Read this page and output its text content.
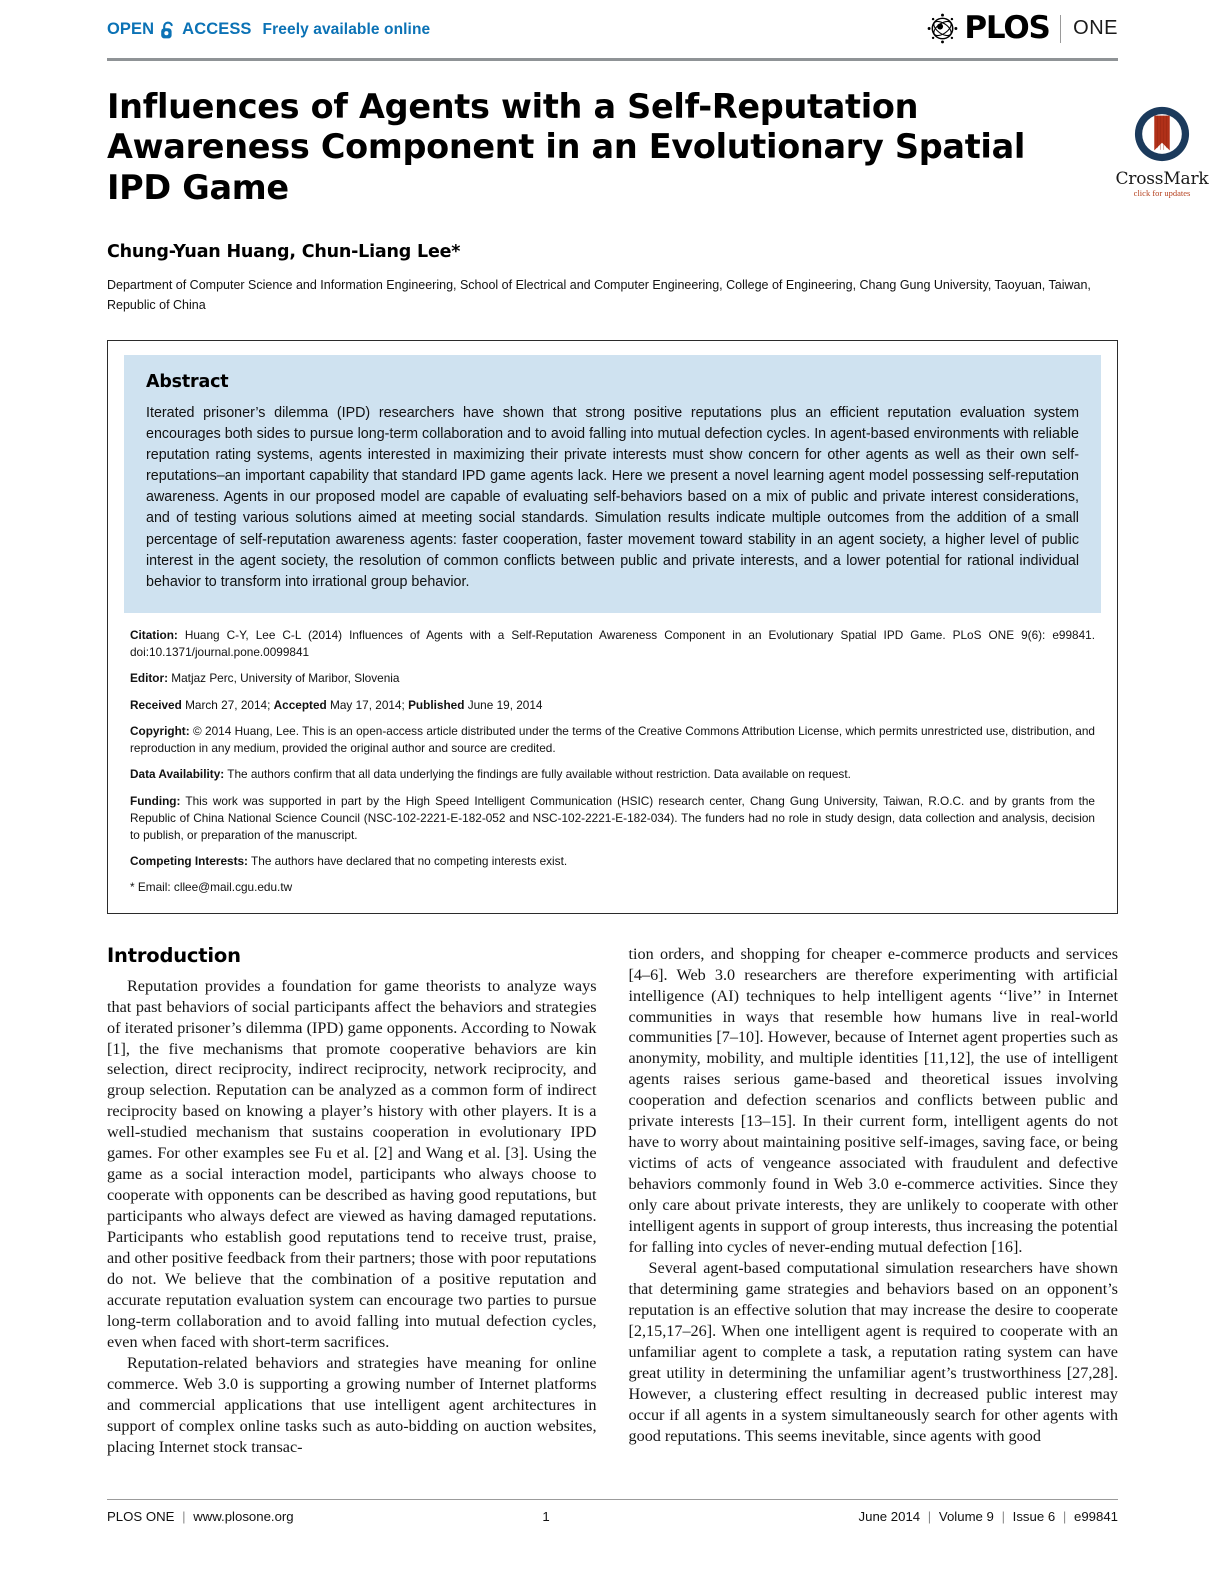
OPEN ACCESS Freely available online	PLOS ONE
Influences of Agents with a Self-Reputation Awareness Component in an Evolutionary Spatial IPD Game	CrossMark
click for updates
Chung-Yuan Huang, Chun-Liang Lee*
Department of Computer Science and Information Engineering, School of Electrical and Computer Engineering, College of Engineering, Chang Gung University, Taoyuan, Taiwan, Republic of China
Abstract

Iterated prisoner’s dilemma (IPD) researchers have shown that strong positive reputations plus an efficient reputation evaluation system encourages both sides to pursue long-term collaboration and to avoid falling into mutual defection cycles. In agent-based environments with reliable reputation rating systems, agents interested in maximizing their private interests must show concern for other agents as well as their own self-reputations–an important capability that standard IPD game agents lack. Here we present a novel learning agent model possessing self-reputation awareness. Agents in our proposed model are capable of evaluating self-behaviors based on a mix of public and private interest considerations, and of testing various solutions aimed at meeting social standards. Simulation results indicate multiple outcomes from the addition of a small percentage of self-reputation awareness agents: faster cooperation, faster movement toward stability in an agent society, a higher level of public interest in the agent society, the resolution of common conflicts between public and private interests, and a lower potential for rational individual behavior to transform into irrational group behavior.

Citation: Huang C-Y, Lee C-L (2014) Influences of Agents with a Self-Reputation Awareness Component in an Evolutionary Spatial IPD Game. PLoS ONE 9(6): e99841. doi:10.1371/journal.pone.0099841

Editor: Matjaz Perc, University of Maribor, Slovenia

Received March 27, 2014; Accepted May 17, 2014; Published June 19, 2014

Copyright: © 2014 Huang, Lee. This is an open-access article distributed under the terms of the Creative Commons Attribution License, which permits unrestricted use, distribution, and reproduction in any medium, provided the original author and source are credited.

Data Availability: The authors confirm that all data underlying the findings are fully available without restriction. Data available on request.

Funding: This work was supported in part by the High Speed Intelligent Communication (HSIC) research center, Chang Gung University, Taiwan, R.O.C. and by grants from the Republic of China National Science Council (NSC-102-2221-E-182-052 and NSC-102-2221-E-182-034). The funders had no role in study design, data collection and analysis, decision to publish, or preparation of the manuscript.

Competing Interests: The authors have declared that no competing interests exist.

* Email: cllee@mail.cgu.edu.tw

Introduction

Reputation provides a foundation for game theorists to analyze ways that past behaviors of social participants affect the behaviors and strategies of iterated prisoner’s dilemma (IPD) game opponents. According to Nowak [1], the five mechanisms that promote cooperative behaviors are kin selection, direct reciprocity, indirect reciprocity, network reciprocity, and group selection. Reputation can be analyzed as a common form of indirect reciprocity based on knowing a player’s history with other players. It is a well-studied mechanism that sustains cooperation in evolutionary IPD games. For other examples see Fu et al. [2] and Wang et al. [3]. Using the game as a social interaction model, participants who always choose to cooperate with opponents can be described as having good reputations, but participants who always defect are viewed as having damaged reputations. Participants who establish good reputations tend to receive trust, praise, and other positive feedback from their partners; those with poor reputations do not. We believe that the combination of a positive reputation and accurate reputation evaluation system can encourage two parties to pursue long-term collaboration and to avoid falling into mutual defection cycles, even when faced with short-term sacrifices.

Reputation-related behaviors and strategies have meaning for online commerce. Web 3.0 is supporting a growing number of Internet platforms and commercial applications that use intelligent agent architectures in support of complex online tasks such as auto-bidding on auction websites, placing Internet stock transac-

tion orders, and shopping for cheaper e-commerce products and services [4–6]. Web 3.0 researchers are therefore experimenting with artificial intelligence (AI) techniques to help intelligent agents ‘‘live’’ in Internet communities in ways that resemble how humans live in real-world communities [7–10]. However, because of Internet agent properties such as anonymity, mobility, and multiple identities [11,12], the use of intelligent agents raises serious game-based and theoretical issues involving cooperation and defection scenarios and conflicts between public and private interests [13–15]. In their current form, intelligent agents do not have to worry about maintaining positive self-images, saving face, or being victims of acts of vengeance associated with fraudulent and defective behaviors commonly found in Web 3.0 e-commerce activities. Since they only care about private interests, they are unlikely to cooperate with other intelligent agents in support of group interests, thus increasing the potential for falling into cycles of never-ending mutual defection [16].

Several agent-based computational simulation researchers have shown that determining game strategies and behaviors based on an opponent’s reputation is an effective solution that may increase the desire to cooperate [2,15,17–26]. When one intelligent agent is required to cooperate with an unfamiliar agent to complete a task, a reputation rating system can have great utility in determining the unfamiliar agent’s trustworthiness [27,28]. However, a clustering effect resulting in decreased public interest may occur if all agents in a system simultaneously search for other agents with good reputations. This seems inevitable, since agents with good

PLOS ONE | www.plosone.org	1	June 2014 | Volume 9 | Issue 6 | e99841
